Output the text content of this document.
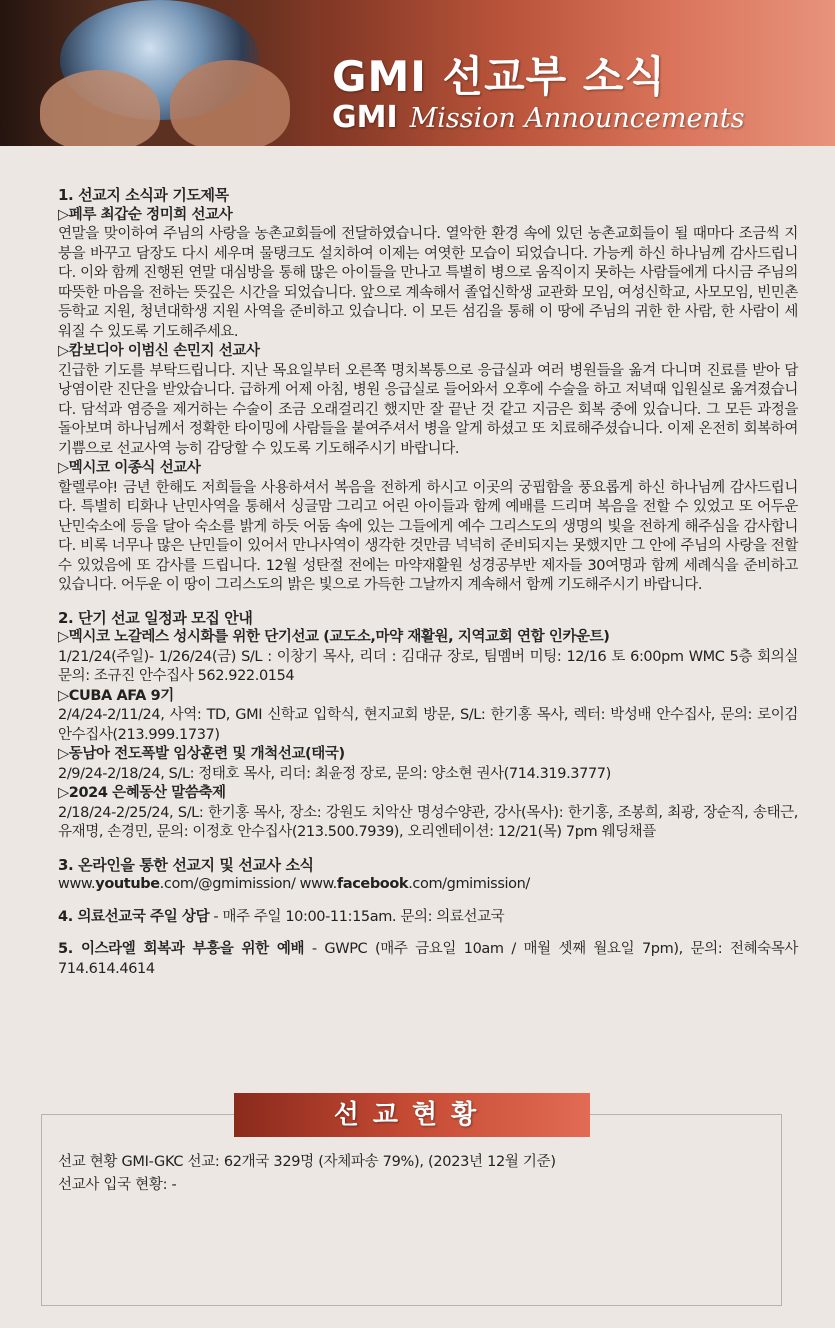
GMI 선교부 소식
GMI Mission Announcements

1. 선교지 소식과 기도제목

▷페루 최갑순 정미희 선교사

연말을 맞이하여 주님의 사랑을 농촌교회들에 전달하였습니다. 열악한 환경 속에 있던 농촌교회들이 될 때마다 조금씩 지붕을 바꾸고 담장도 다시 세우며 물탱크도 설치하여 이제는 여엿한 모습이 되었습니다. 가능케 하신 하나님께 감사드립니다. 이와 함께 진행된 연말 대심방을 통해 많은 아이들을 만나고 특별히 병으로 움직이지 못하는 사람들에게 다시금 주님의 따뜻한 마음을 전하는 뜻깊은 시간을 되었습니다. 앞으로 계속해서 졸업신학생 교관화 모임, 여성신학교, 사모모임, 빈민촌등학교 지원, 청년대학생 지원 사역을 준비하고 있습니다. 이 모든 섬김을 통해 이 땅에 주님의 귀한 한 사람, 한 사람이 세워질 수 있도록 기도해주세요.

▷캄보디아 이범신 손민지 선교사

긴급한 기도를 부탁드립니다. 지난 목요일부터 오른쪽 명치복통으로 응급실과 여러 병원들을 옮겨 다니며 진료를 받아 담낭염이란 진단을 받았습니다. 급하게 어제 아침, 병원 응급실로 들어와서 오후에 수술을 하고 저녁때 입원실로 옮겨졌습니다. 담석과 염증을 제거하는 수술이 조금 오래걸리긴 했지만 잘 끝난 것 같고 지금은 회복 중에 있습니다. 그 모든 과정을 돌아보며 하나님께서 정확한 타이밍에 사람들을 붙여주셔서 병을 알게 하셨고 또 치료해주셨습니다. 이제 온전히 회복하여 기쁨으로 선교사역 능히 감당할 수 있도록 기도해주시기 바랍니다.

▷멕시코 이종식 선교사

할렐루야! 금년 한해도 저희들을 사용하셔서 복음을 전하게 하시고 이곳의 궁핍함을 풍요롭게 하신 하나님께 감사드립니다. 특별히 티화나 난민사역을 통해서 싱글맘 그리고 어린 아이들과 함께 예배를 드리며 복음을 전할 수 있었고 또 어두운 난민숙소에 등을 달아 숙소를 밝게 하듯 어둠 속에 있는 그들에게 예수 그리스도의 생명의 빛을 전하게 해주심을 감사합니다. 비록 너무나 많은 난민들이 있어서 만나사역이 생각한 것만큼 넉넉히 준비되지는 못했지만 그 안에 주님의 사랑을 전할 수 있었음에 또 감사를 드립니다. 12월 성탄절 전에는 마약재활원 성경공부반 제자들 30여명과 함께 세례식을 준비하고 있습니다. 어두운 이 땅이 그리스도의 밝은 빛으로 가득한 그날까지 계속해서 함께 기도해주시기 바랍니다.

2. 단기 선교 일정과 모집 안내

▷멕시코 노갈레스 성시화를 위한 단기선교 (교도소,마약 재활원, 지역교회 연합 인카운트)

1/21/24(주일)- 1/26/24(금) S/L : 이창기 목사, 리더 : 김대규 장로, 팀멤버 미팅: 12/16 토 6:00pm WMC 5층 회의실 문의: 조규진 안수집사 562.922.0154

▷CUBA AFA 9기

2/4/24-2/11/24, 사역: TD, GMI 신학교 입학식, 현지교회 방문, S/L: 한기홍 목사, 렉터: 박성배 안수집사, 문의: 로이김 안수집사(213.999.1737)

▷동남아 전도폭발 임상훈련 및 개척선교(태국)

2/9/24-2/18/24, S/L: 정태호 목사, 리더: 최윤정 장로, 문의: 양소현 권사(714.319.3777)

▷2024 은혜동산 말씀축제

2/18/24-2/25/24, S/L: 한기홍 목사, 장소: 강원도 치악산 명성수양관, 강사(목사): 한기홍, 조봉희, 최광, 장순직, 송태근, 유재명, 손경민, 문의: 이정호 안수집사(213.500.7939), 오리엔테이션: 12/21(목) 7pm 웨딩채플

3. 온라인을 통한 선교지 및 선교사 소식

www.youtube.com/@gmimission/ www.facebook.com/gmimission/

4. 의료선교국 주일 상담 - 매주 주일 10:00-11:15am. 문의: 의료선교국

5. 이스라엘 회복과 부흥을 위한 예배 - GWPC (매주 금요일 10am / 매월 셋째 월요일 7pm), 문의: 전혜숙목사 714.614.4614

선교현황
선교 현황 GMI-GKC 선교: 62개국 329명 (자체파송 79%), (2023년 12월 기준)
선교사 입국 현황: -
